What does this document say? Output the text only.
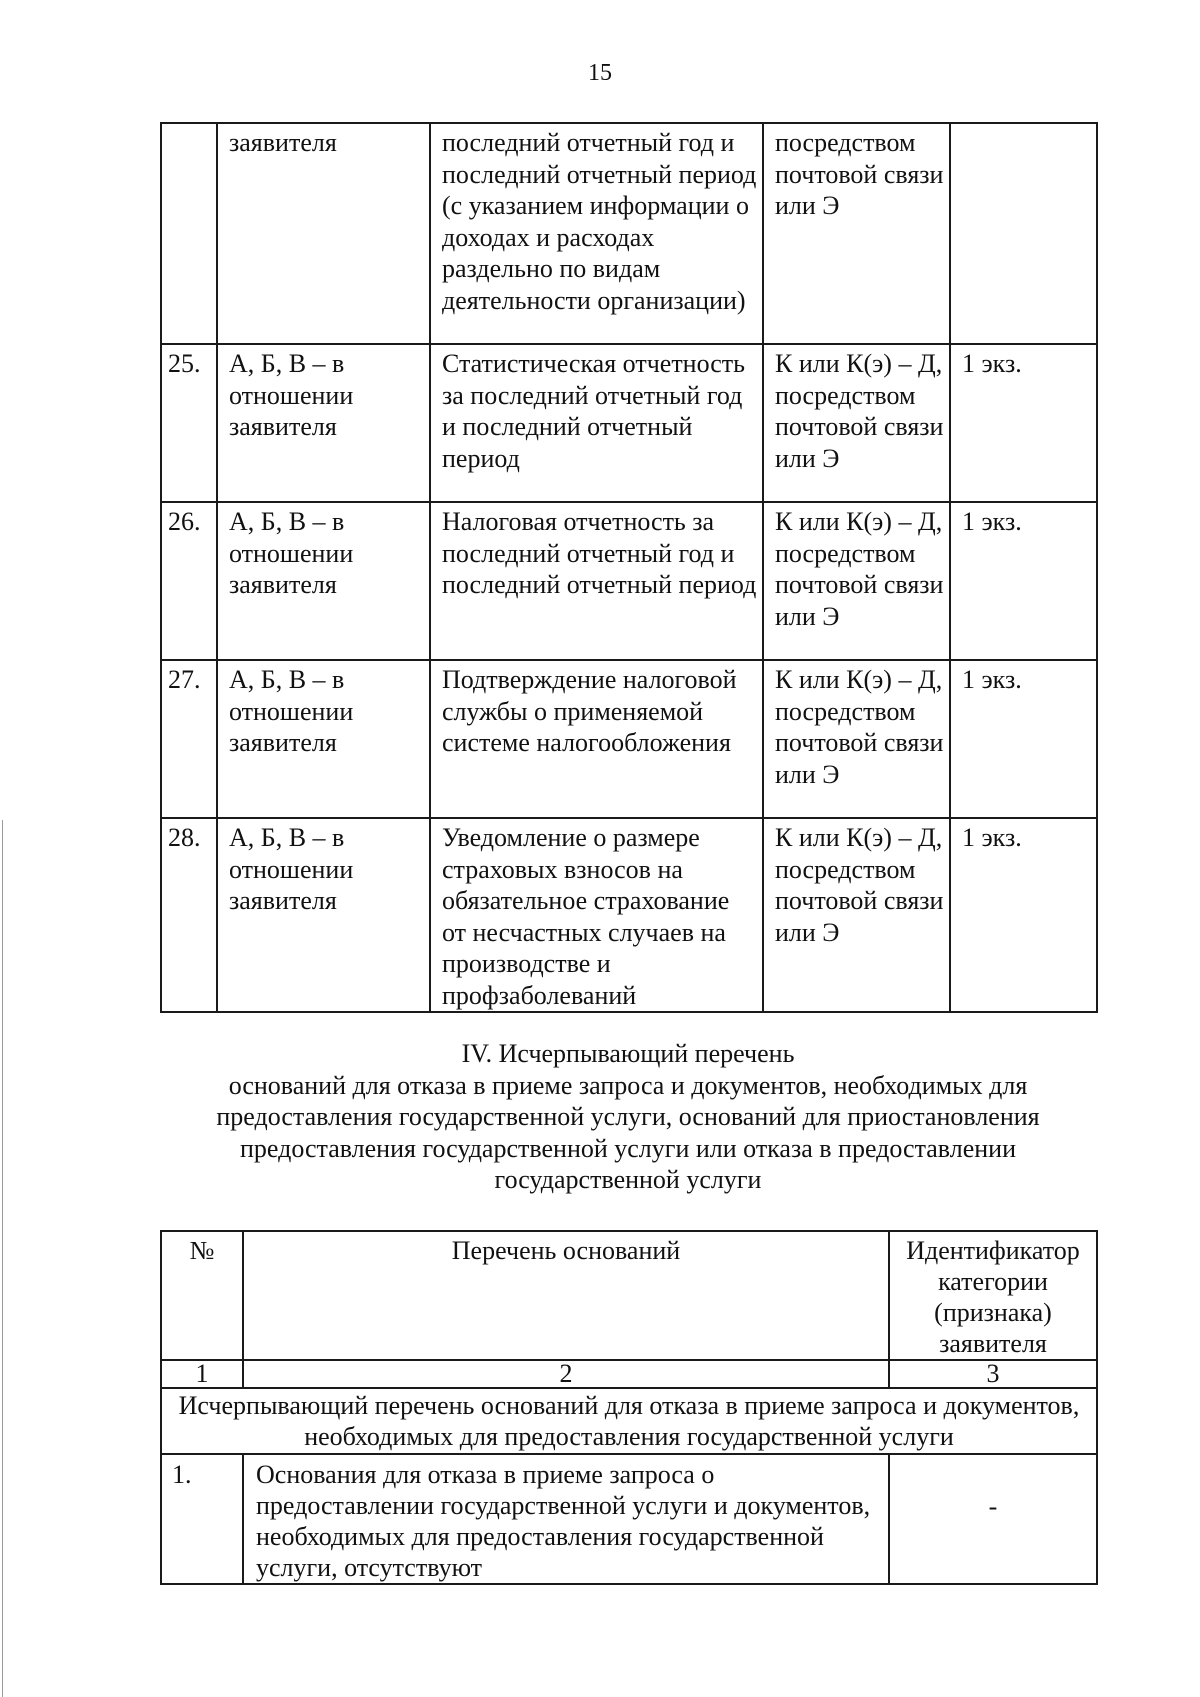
15
	заявителя	последний отчетный год и последний отчетный период (с указанием информации о доходах и расходах раздельно по видам деятельности организации)	посредством почтовой связи или Э	
25.	А, Б, В – в отношении заявителя	Статистическая отчетность за последний отчетный год и последний отчетный период	К или К(э) – Д, посредством почтовой связи или Э	1 экз.
26.	А, Б, В – в отношении заявителя	Налоговая отчетность за последний отчетный год и последний отчетный период	К или К(э) – Д, посредством почтовой связи или Э	1 экз.
27.	А, Б, В – в отношении заявителя	Подтверждение налоговой службы о применяемой системе налогообложения	К или К(э) – Д, посредством почтовой связи или Э	1 экз.
28.	А, Б, В – в отношении заявителя	Уведомление о размере страховых взносов на обязательное страхование от несчастных случаев на производстве и профзаболеваний	К или К(э) – Д, посредством почтовой связи или Э	1 экз.
IV. Исчерпывающий перечень
оснований для отказа в приеме запроса и документов, необходимых для
предоставления государственной услуги, оснований для приостановления
предоставления государственной услуги или отказа в предоставлении
государственной услуги
№	Перечень оснований	Идентификатор категории (признака) заявителя
1	2	3
Исчерпывающий перечень оснований для отказа в приеме запроса и документов, необходимых для предоставления государственной услуги		
1.	Основания для отказа в приеме запроса о предоставлении государственной услуги и документов, необходимых для предоставления государственной услуги, отсутствуют	-
